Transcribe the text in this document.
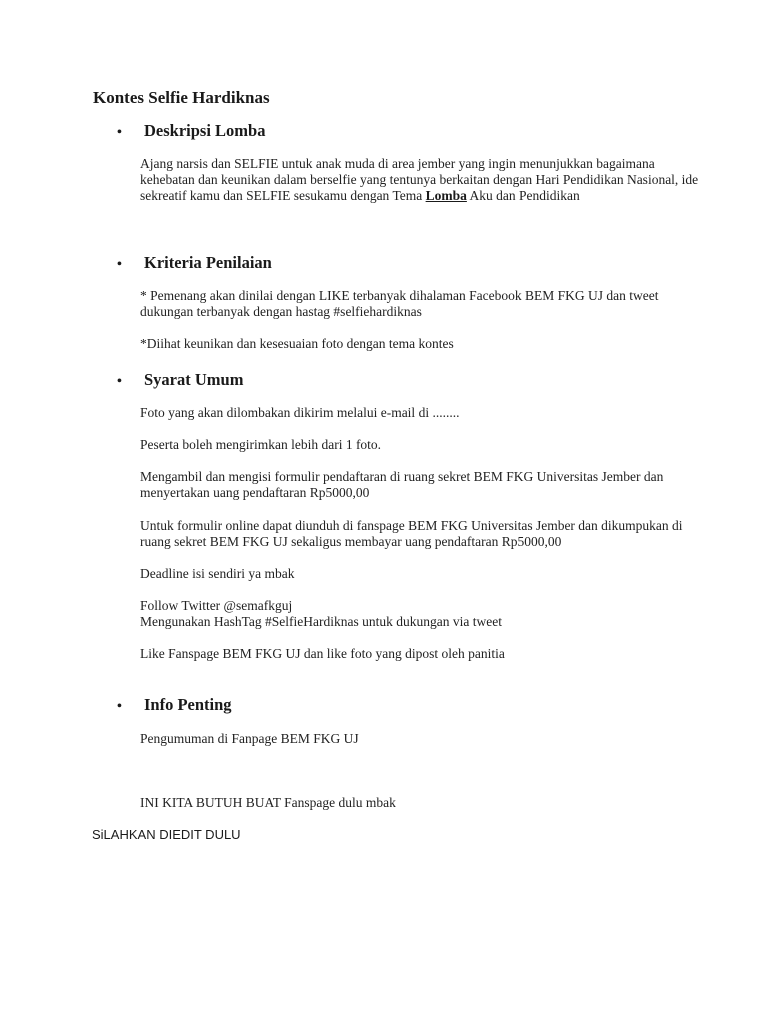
Kontes Selfie Hardiknas
•	Deskripsi Lomba

Ajang narsis dan SELFIE untuk anak muda di area jember yang ingin menunjukkan bagaimana kehebatan dan keunikan dalam berselfie yang tentunya berkaitan dengan Hari Pendidikan Nasional, ide sekreatif kamu dan SELFIE sesukamu dengan Tema Lomba Aku dan Pendidikan

•	Kriteria Penilaian

* Pemenang akan dinilai dengan LIKE terbanyak dihalaman Facebook BEM FKG UJ dan tweet dukungan terbanyak dengan hastag #selfiehardiknas

*Diihat keunikan dan kesesuaian foto dengan tema kontes

•	Syarat Umum

Foto yang akan dilombakan dikirim melalui e-mail di ........

Peserta boleh mengirimkan lebih dari 1 foto.

Mengambil dan mengisi formulir pendaftaran di ruang sekret BEM FKG Universitas Jember dan menyertakan uang pendaftaran Rp5000,00

Untuk formulir online dapat diunduh di fanspage BEM FKG Universitas Jember dan dikumpukan di ruang sekret BEM FKG UJ sekaligus membayar uang pendaftaran Rp5000,00

Deadline isi sendiri ya mbak

Follow Twitter @semafkguj
Mengunakan HashTag #SelfieHardiknas untuk dukungan via tweet

Like Fanspage BEM FKG UJ dan like foto yang dipost oleh panitia

•	Info Penting

Pengumuman di Fanpage BEM FKG UJ

INI KITA BUTUH BUAT Fanspage dulu mbak

SiLAHKAN DIEDIT DULU
